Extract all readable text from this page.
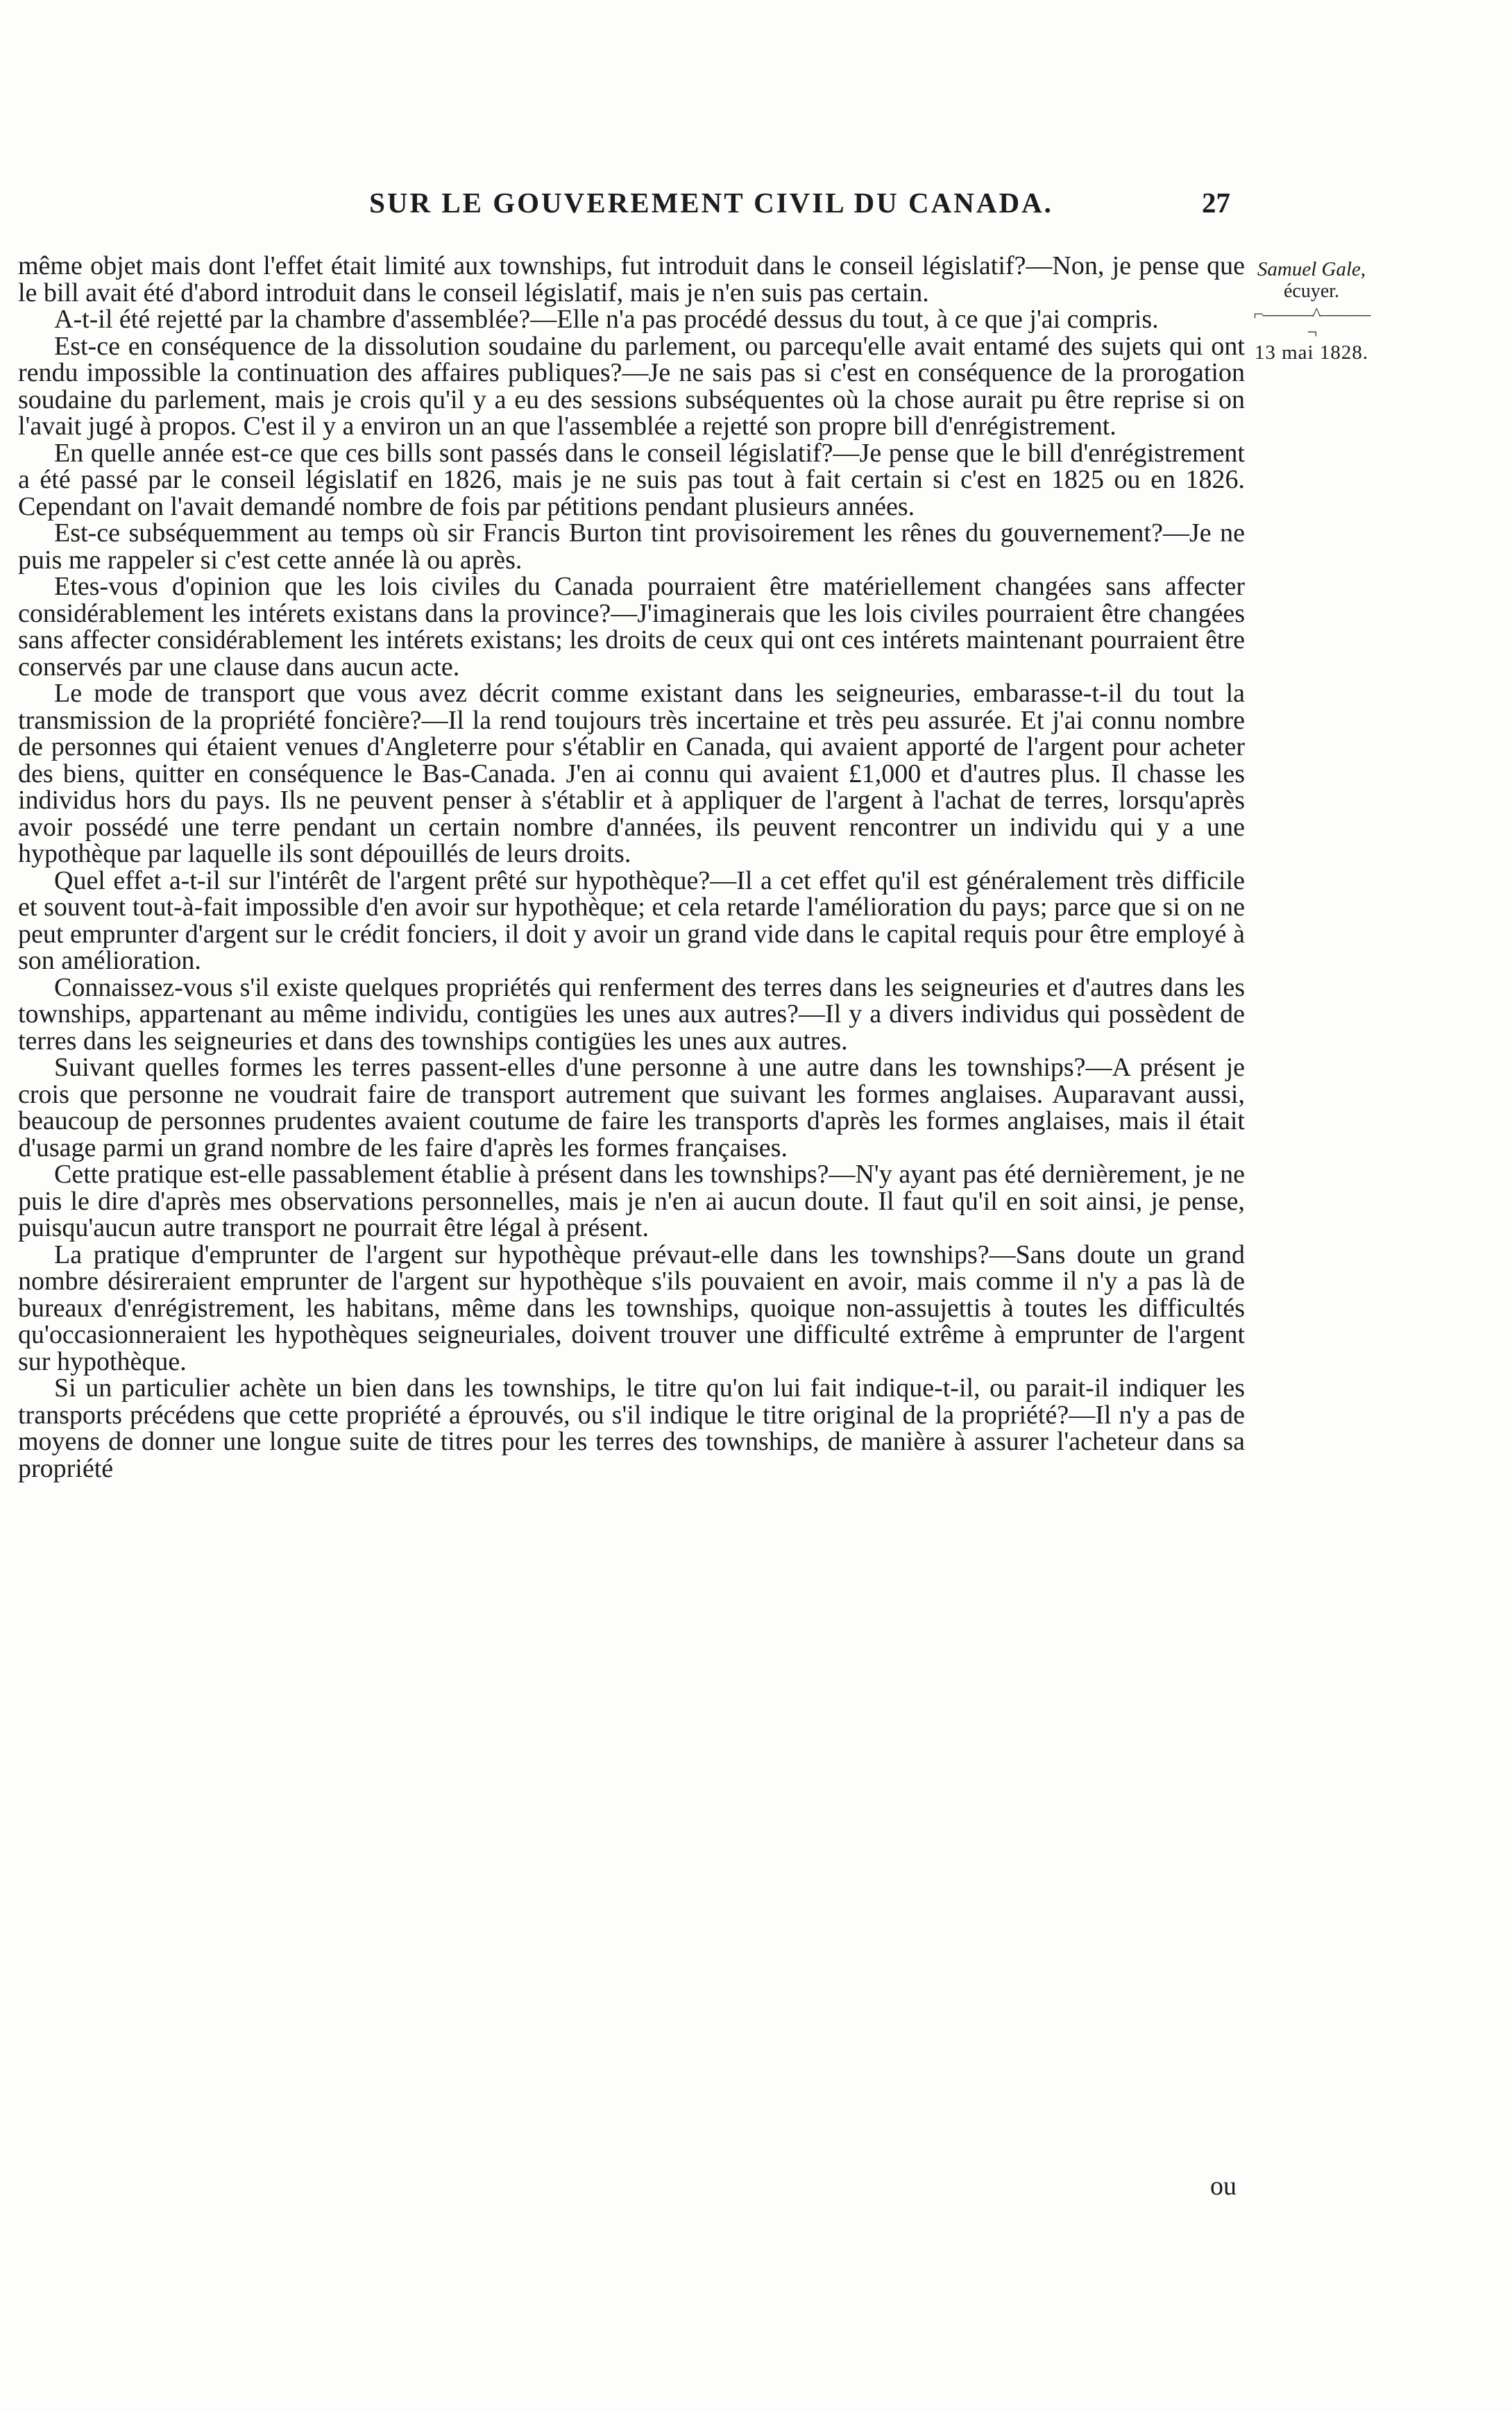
SUR LE GOUVEREMENT CIVIL DU CANADA.	27
Samuel Gale,
écuyer.
⌐———^———¬
13 mai 1828.

même objet mais dont l'effet était limité aux townships, fut introduit dans le conseil législatif?—Non, je pense que le bill avait été d'abord introduit dans le conseil législatif, mais je n'en suis pas certain.

A-t-il été rejetté par la chambre d'assemblée?—Elle n'a pas procédé dessus du tout, à ce que j'ai compris.

Est-ce en conséquence de la dissolution soudaine du parlement, ou parcequ'elle avait entamé des sujets qui ont rendu impossible la continuation des affaires publiques?—Je ne sais pas si c'est en conséquence de la prorogation soudaine du parlement, mais je crois qu'il y a eu des sessions subséquentes où la chose aurait pu être reprise si on l'avait jugé à propos. C'est il y a environ un an que l'assemblée a rejetté son propre bill d'enrégistrement.

En quelle année est-ce que ces bills sont passés dans le conseil législatif?—Je pense que le bill d'enrégistrement a été passé par le conseil législatif en 1826, mais je ne suis pas tout à fait certain si c'est en 1825 ou en 1826. Cependant on l'avait demandé nombre de fois par pétitions pendant plusieurs années.

Est-ce subséquemment au temps où sir Francis Burton tint provisoirement les rênes du gouvernement?—Je ne puis me rappeler si c'est cette année là ou après.

Etes-vous d'opinion que les lois civiles du Canada pourraient être matériellement changées sans affecter considérablement les intérets existans dans la province?—J'imaginerais que les lois civiles pourraient être changées sans affecter considérablement les intérets existans; les droits de ceux qui ont ces intérets maintenant pourraient être conservés par une clause dans aucun acte.

Le mode de transport que vous avez décrit comme existant dans les seigneuries, embarasse-t-il du tout la transmission de la propriété foncière?—Il la rend toujours très incertaine et très peu assurée. Et j'ai connu nombre de personnes qui étaient venues d'Angleterre pour s'établir en Canada, qui avaient apporté de l'argent pour acheter des biens, quitter en conséquence le Bas-Canada. J'en ai connu qui avaient £1,000 et d'autres plus. Il chasse les individus hors du pays. Ils ne peuvent penser à s'établir et à appliquer de l'argent à l'achat de terres, lorsqu'après avoir possédé une terre pendant un certain nombre d'années, ils peuvent rencontrer un individu qui y a une hypothèque par laquelle ils sont dépouillés de leurs droits.

Quel effet a-t-il sur l'intérêt de l'argent prêté sur hypothèque?—Il a cet effet qu'il est généralement très difficile et souvent tout-à-fait impossible d'en avoir sur hypothèque; et cela retarde l'amélioration du pays; parce que si on ne peut emprunter d'argent sur le crédit fonciers, il doit y avoir un grand vide dans le capital requis pour être employé à son amélioration.

Connaissez-vous s'il existe quelques propriétés qui renferment des terres dans les seigneuries et d'autres dans les townships, appartenant au même individu, contigües les unes aux autres?—Il y a divers individus qui possèdent de terres dans les seigneuries et dans des townships contigües les unes aux autres.

Suivant quelles formes les terres passent-elles d'une personne à une autre dans les townships?—A présent je crois que personne ne voudrait faire de transport autrement que suivant les formes anglaises. Auparavant aussi, beaucoup de personnes prudentes avaient coutume de faire les transports d'après les formes anglaises, mais il était d'usage parmi un grand nombre de les faire d'après les formes françaises.

Cette pratique est-elle passablement établie à présent dans les townships?—N'y ayant pas été dernièrement, je ne puis le dire d'après mes observations personnelles, mais je n'en ai aucun doute. Il faut qu'il en soit ainsi, je pense, puisqu'aucun autre transport ne pourrait être légal à présent.

La pratique d'emprunter de l'argent sur hypothèque prévaut-elle dans les townships?—Sans doute un grand nombre désireraient emprunter de l'argent sur hypothèque s'ils pouvaient en avoir, mais comme il n'y a pas là de bureaux d'enrégistrement, les habitans, même dans les townships, quoique non-assujettis à toutes les difficultés qu'occasionneraient les hypothèques seigneuriales, doivent trouver une difficulté extrême à emprunter de l'argent sur hypothèque.

Si un particulier achète un bien dans les townships, le titre qu'on lui fait indique-t-il, ou parait-il indiquer les transports précédens que cette propriété a éprouvés, ou s'il indique le titre original de la propriété?—Il n'y a pas de moyens de donner une longue suite de titres pour les terres des townships, de manière à assurer l'acheteur dans sa propriété

ou
